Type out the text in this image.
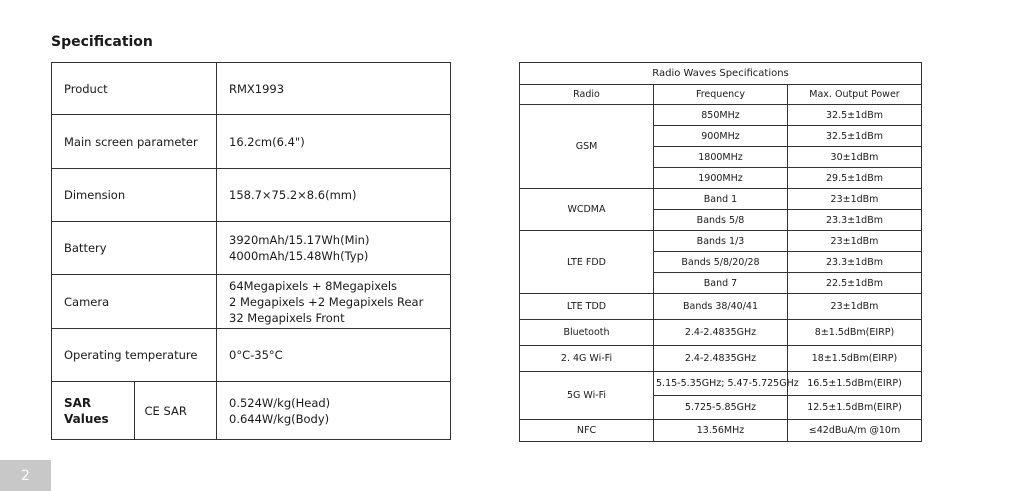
Specification
Product		RMX1993
Main screen parameter		16.2cm(6.4")
Dimension		158.7×75.2×8.6(mm)
Battery		3920mAh/15.17Wh(Min)
4000mAh/15.48Wh(Typ)

Camera		64Megapixels + 8Megapixels
2 Megapixels +2 Megapixels Rear
32 Megapixels Front

Operating temperature		0°C-35°C
SAR Values	CE SAR	0.524W/kg(Head)
0.644W/kg(Body)
Radio Waves Specifications		
Radio	Frequency	Max. Output Power
GSM	850MHz	32.5±1dBm
	900MHz	32.5±1dBm
	1800MHz	30±1dBm
	1900MHz	29.5±1dBm
WCDMA	Band 1	23±1dBm
	Bands 5/8	23.3±1dBm
LTE FDD	Bands 1/3	23±1dBm
	Bands 5/8/20/28	23.3±1dBm
	Band 7	22.5±1dBm
LTE TDD	Bands 38/40/41	23±1dBm
Bluetooth	2.4-2.4835GHz	8±1.5dBm(EIRP)
2. 4G Wi-Fi	2.4-2.4835GHz	18±1.5dBm(EIRP)
5G Wi-Fi	5.15-5.35GHz; 5.47-5.725GHz	16.5±1.5dBm(EIRP)
	5.725-5.85GHz	12.5±1.5dBm(EIRP)
NFC	13.56MHz	≤42dBuA/m @10m
2
